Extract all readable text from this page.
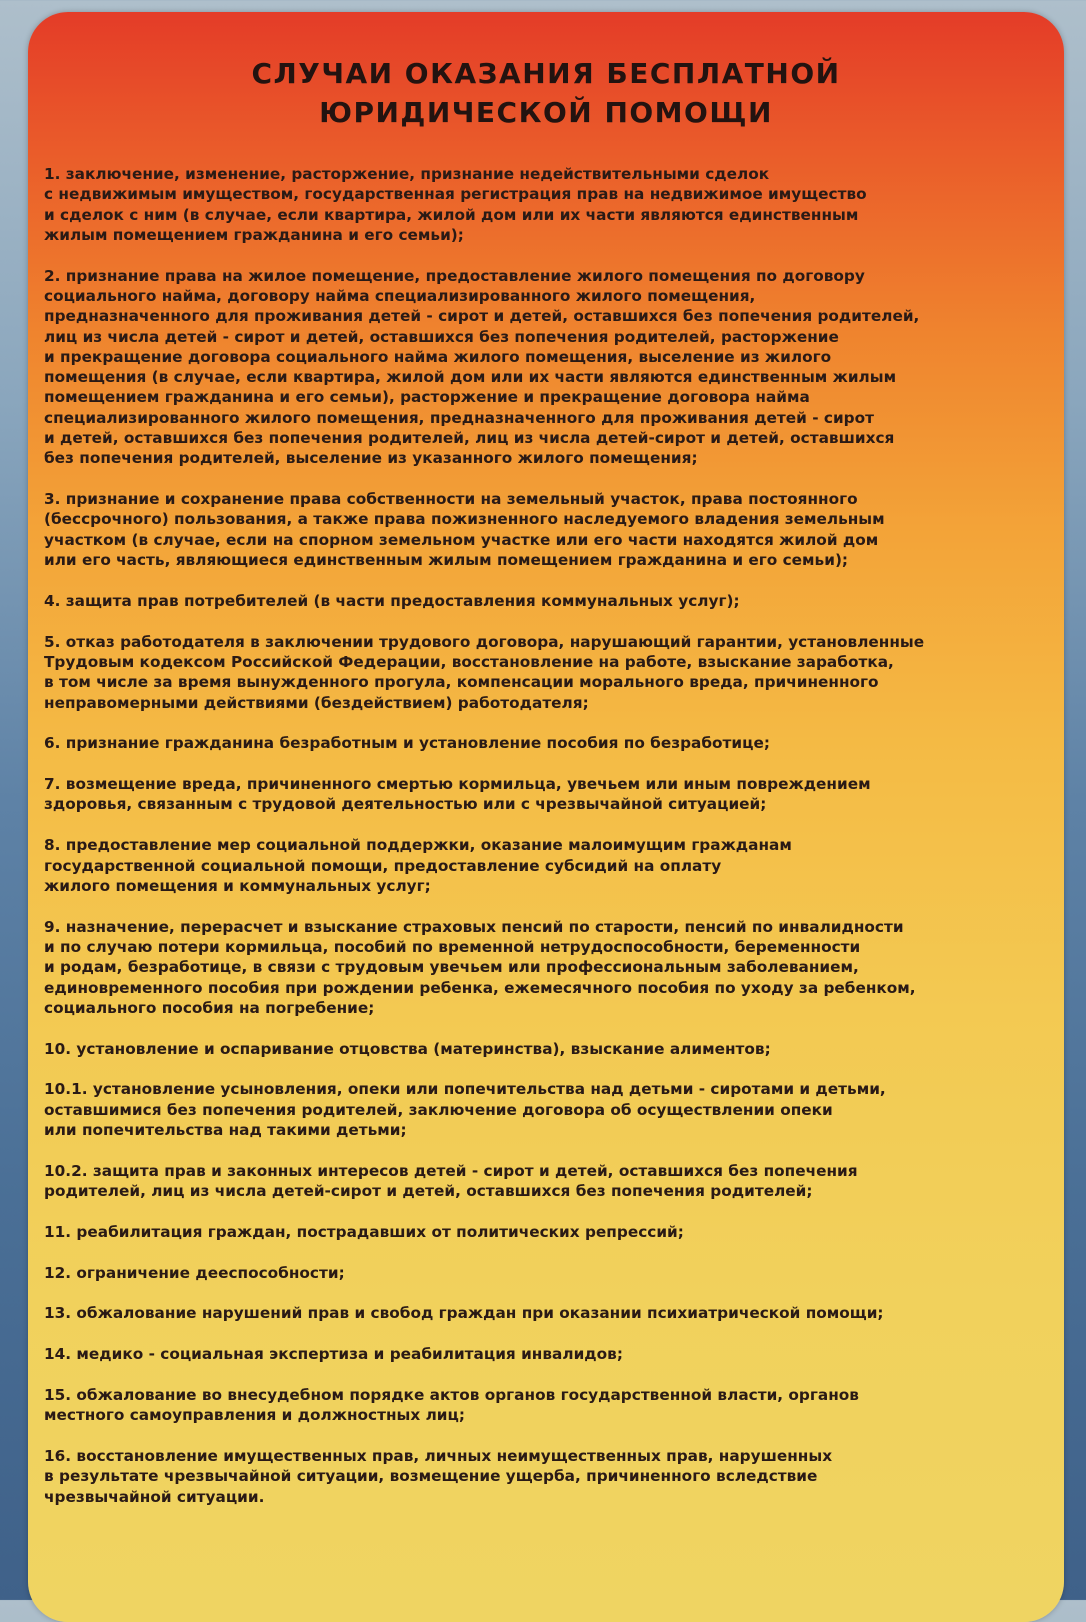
СЛУЧАИ ОКАЗАНИЯ БЕСПЛАТНОЙ
ЮРИДИЧЕСКОЙ ПОМОЩИ

1. заключение, изменение, расторжение, признание недействительными сделок
с недвижимым имуществом, государственная регистрация прав на недвижимое имущество
и сделок с ним (в случае, если квартира, жилой дом или их части являются единственным
жилым помещением гражданина и его семьи);

2. признание права на жилое помещение, предоставление жилого помещения по договору
социального найма, договору найма специализированного жилого помещения,
предназначенного для проживания детей - сирот и детей, оставшихся без попечения родителей,
лиц из числа детей - сирот и детей, оставшихся без попечения родителей, расторжение
и прекращение договора социального найма жилого помещения, выселение из жилого
помещения (в случае, если квартира, жилой дом или их части являются единственным жилым
помещением гражданина и его семьи), расторжение и прекращение договора найма
специализированного жилого помещения, предназначенного для проживания детей - сирот
и детей, оставшихся без попечения родителей, лиц из числа детей-сирот и детей, оставшихся
без попечения родителей, выселение из указанного жилого помещения;

3. признание и сохранение права собственности на земельный участок, права постоянного
(бессрочного) пользования, а также права пожизненного наследуемого владения земельным
участком (в случае, если на спорном земельном участке или его части находятся жилой дом
или его часть, являющиеся единственным жилым помещением гражданина и его семьи);

4. защита прав потребителей (в части предоставления коммунальных услуг);

5. отказ работодателя в заключении трудового договора, нарушающий гарантии, установленные
Трудовым кодексом Российской Федерации, восстановление на работе, взыскание заработка,
в том числе за время вынужденного прогула, компенсации морального вреда, причиненного
неправомерными действиями (бездействием) работодателя;

6. признание гражданина безработным и установление пособия по безработице;

7. возмещение вреда, причиненного смертью кормильца, увечьем или иным повреждением
здоровья, связанным с трудовой деятельностью или с чрезвычайной ситуацией;

8. предоставление мер социальной поддержки, оказание малоимущим гражданам
государственной социальной помощи, предоставление субсидий на оплату
жилого помещения и коммунальных услуг;

9. назначение, перерасчет и взыскание страховых пенсий по старости, пенсий по инвалидности
и по случаю потери кормильца, пособий по временной нетрудоспособности, беременности
и родам, безработице, в связи с трудовым увечьем или профессиональным заболеванием,
единовременного пособия при рождении ребенка, ежемесячного пособия по уходу за ребенком,
социального пособия на погребение;

10. установление и оспаривание отцовства (материнства), взыскание алиментов;

10.1. установление усыновления, опеки или попечительства над детьми - сиротами и детьми,
оставшимися без попечения родителей, заключение договора об осуществлении опеки
или попечительства над такими детьми;

10.2. защита прав и законных интересов детей - сирот и детей, оставшихся без попечения
родителей, лиц из числа детей-сирот и детей, оставшихся без попечения родителей;

11. реабилитация граждан, пострадавших от политических репрессий;

12. ограничение дееспособности;

13. обжалование нарушений прав и свобод граждан при оказании психиатрической помощи;

14. медико - социальная экспертиза и реабилитация инвалидов;

15. обжалование во внесудебном порядке актов органов государственной власти, органов
местного самоуправления и должностных лиц;

16. восстановление имущественных прав, личных неимущественных прав, нарушенных
в результате чрезвычайной ситуации, возмещение ущерба, причиненного вследствие
чрезвычайной ситуации.
